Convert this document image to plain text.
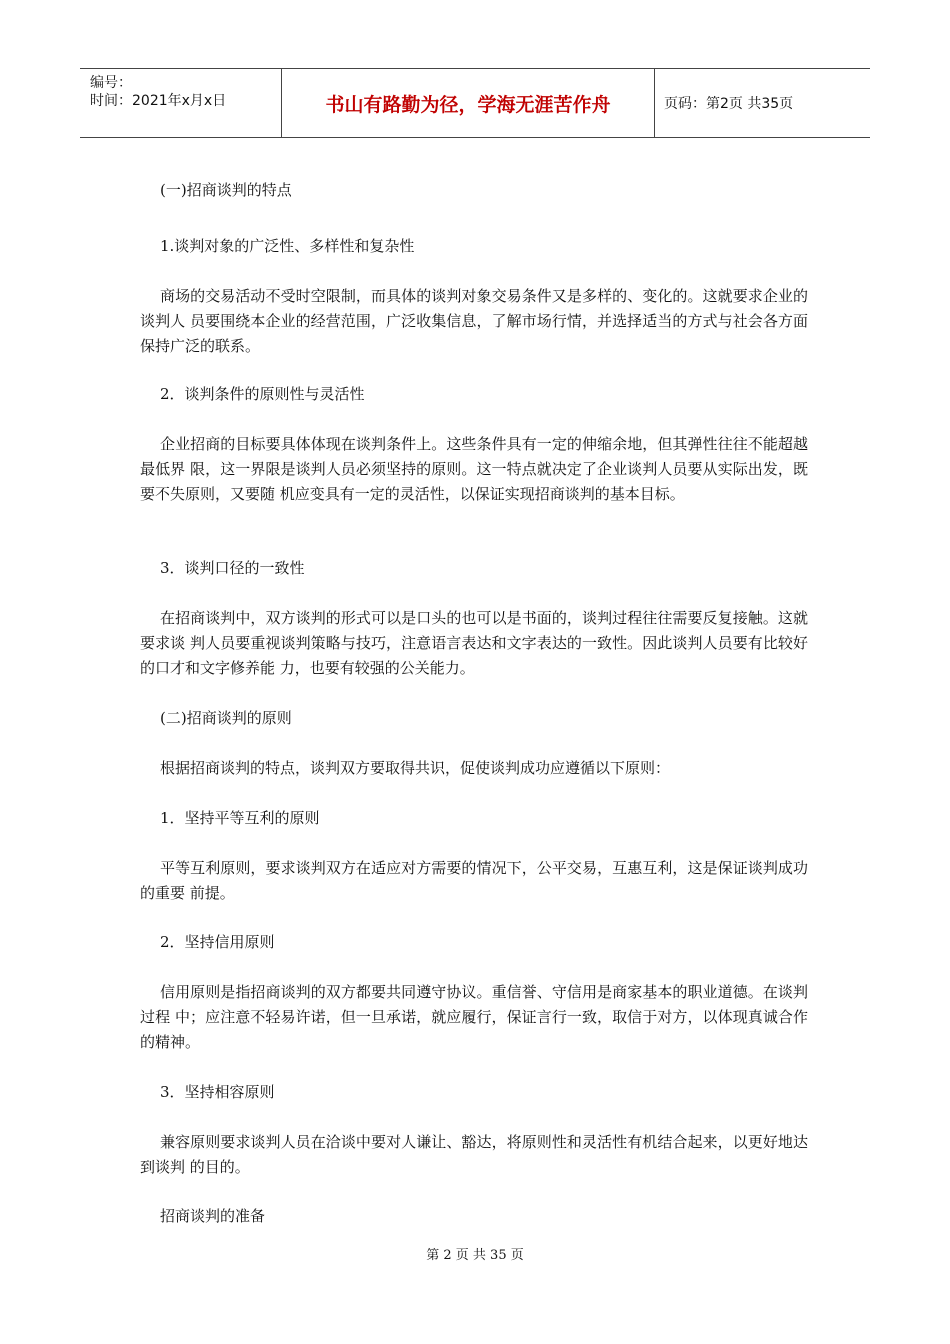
编号：
时间：2021年x月x日	书山有路勤为径，学海无涯苦作舟	页码：第2页 共35页

(一)招商谈判的特点

1.谈判对象的广泛性、多样性和复杂性

商场的交易活动不受时空限制，而具体的谈判对象交易条件又是多样的、变化的。这就要求企业的谈判人 员要围绕本企业的经营范围，广泛收集信息，了解市场行情，并选择适当的方式与社会各方面保持广泛的联系。

2．谈判条件的原则性与灵活性

企业招商的目标要具体体现在谈判条件上。这些条件具有一定的伸缩余地，但其弹性往往不能超越最低界 限，这一界限是谈判人员必须坚持的原则。这一特点就决定了企业谈判人员要从实际出发，既要不失原则，又要随 机应变具有一定的灵活性，以保证实现招商谈判的基本目标。

3．谈判口径的一致性

在招商谈判中，双方谈判的形式可以是口头的也可以是书面的，谈判过程往往需要反复接触。这就要求谈 判人员要重视谈判策略与技巧，注意语言表达和文字表达的一致性。因此谈判人员要有比较好的口才和文字修养能 力，也要有较强的公关能力。

(二)招商谈判的原则

根据招商谈判的特点，谈判双方要取得共识，促使谈判成功应遵循以下原则：

1．坚持平等互利的原则

平等互利原则，要求谈判双方在适应对方需要的情况下，公平交易，互惠互利，这是保证谈判成功的重要 前提。

2．坚持信用原则

信用原则是指招商谈判的双方都要共同遵守协议。重信誉、守信用是商家基本的职业道德。在谈判过程 中；应注意不轻易许诺，但一旦承诺，就应履行，保证言行一致，取信于对方，以体现真诚合作的精神。

3．坚持相容原则

兼容原则要求谈判人员在洽谈中要对人谦让、豁达，将原则性和灵活性有机结合起来，以更好地达到谈判 的目的。

招商谈判的准备

第 2 页 共 35 页
